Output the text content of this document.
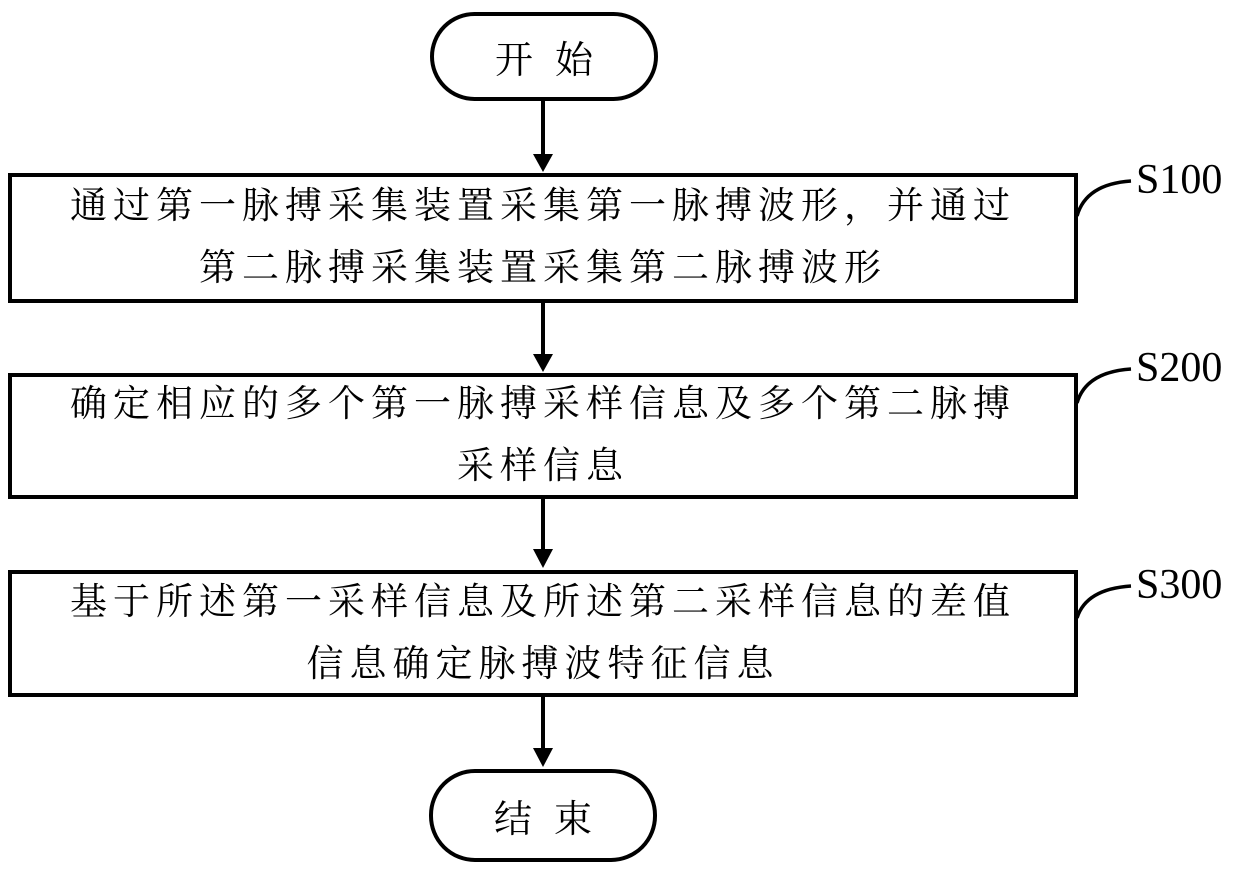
开始
通过第一脉搏采集装置采集第一脉搏波形，并通过
第二脉搏采集装置采集第二脉搏波形
S100
确定相应的多个第一脉搏采样信息及多个第二脉搏
采样信息
S200
基于所述第一采样信息及所述第二采样信息的差值
信息确定脉搏波特征信息
S300
结束
